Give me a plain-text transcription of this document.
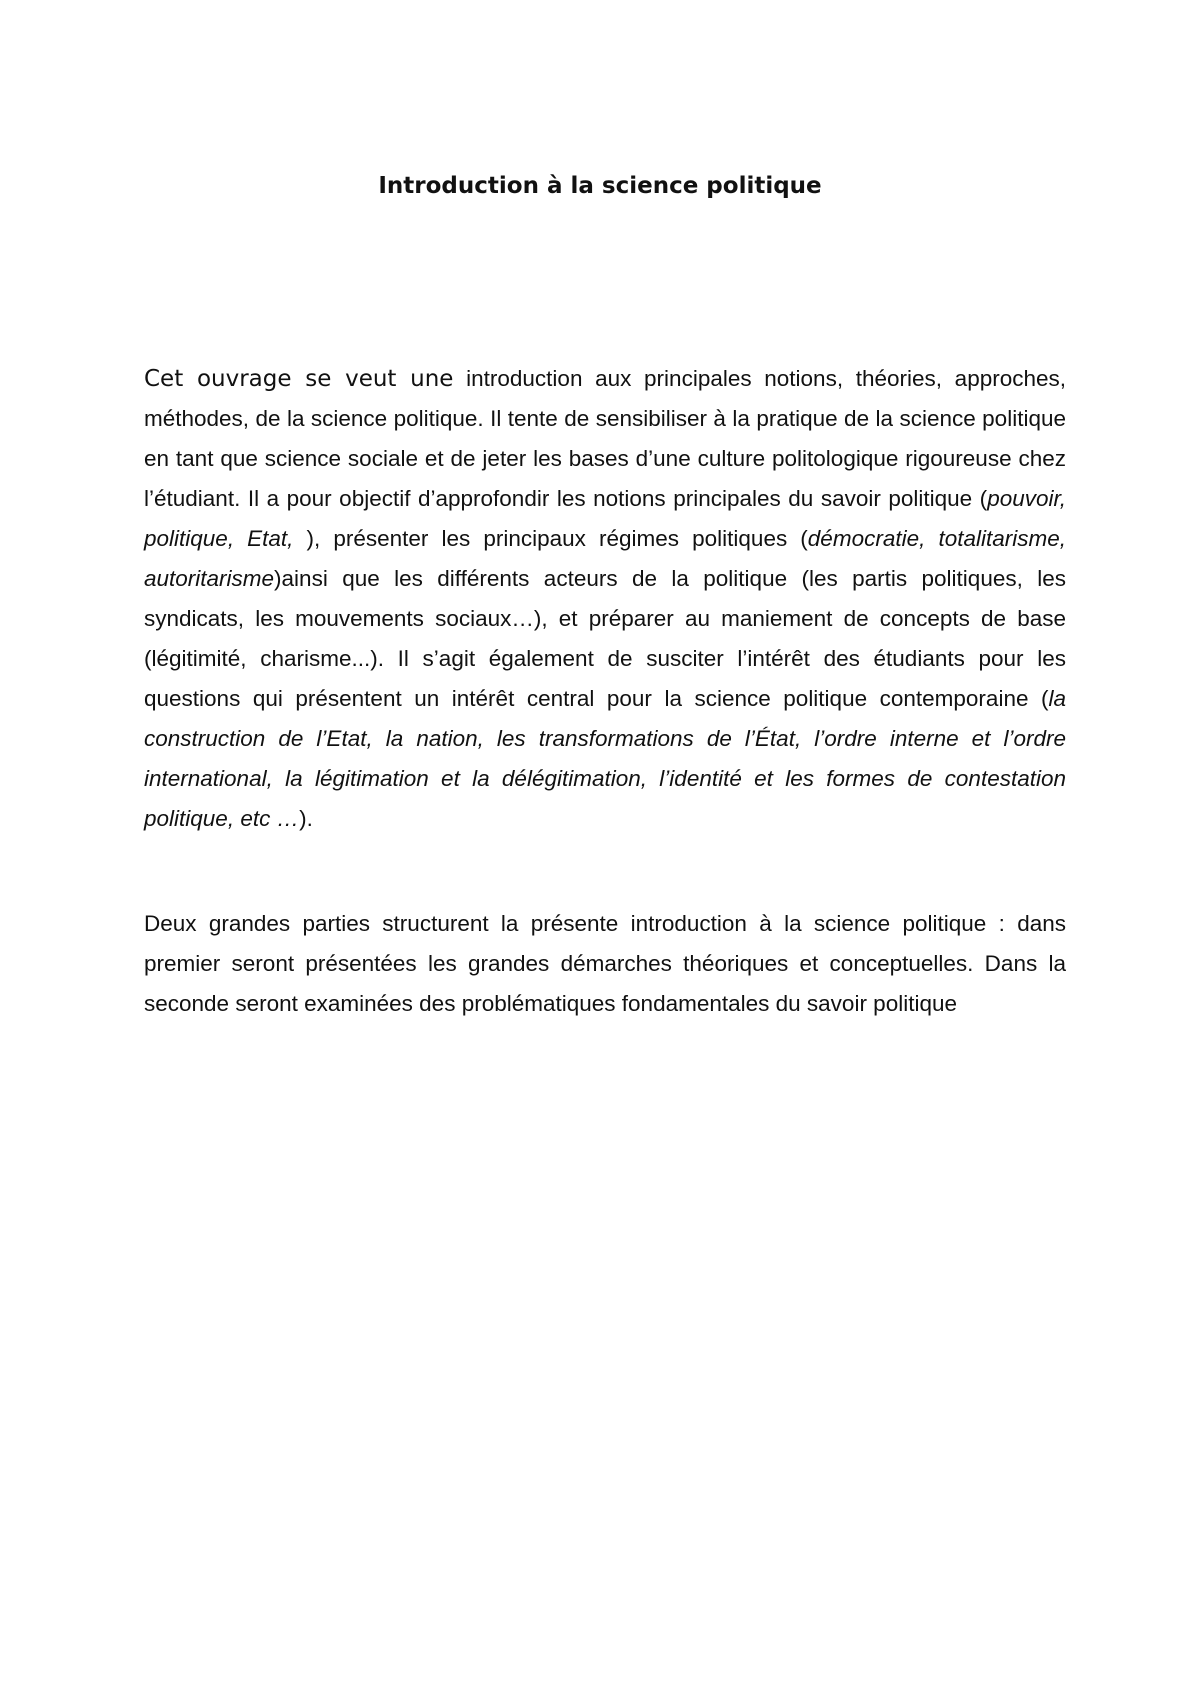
Introduction à la science politique

Cet ouvrage se veut une introduction aux principales notions, théories, approches, méthodes, de la science politique. Il tente de sensibiliser à la pratique de la science politique en tant que science sociale et de jeter les bases d’une culture politologique rigoureuse chez l’étudiant. Il a pour objectif d’approfondir les notions principales du savoir politique (pouvoir, politique, Etat, ), présenter les principaux régimes politiques (démocratie, totalitarisme, autoritarisme)ainsi que les différents acteurs de la politique (les partis politiques, les syndicats, les mouvements sociaux…), et préparer au maniement de concepts de base (légitimité, charisme...). Il s’agit également de susciter l’intérêt des étudiants pour les questions qui présentent un intérêt central pour la science politique contemporaine (la construction de l’Etat, la nation, les transformations de l’État, l’ordre interne et l’ordre international, la légitimation et la délégitimation, l’identité et les formes de contestation politique, etc …).

Deux grandes parties structurent la présente introduction à la science politique : dans premier seront présentées les grandes démarches théoriques et conceptuelles. Dans la seconde seront examinées des problématiques fondamentales du savoir politique
